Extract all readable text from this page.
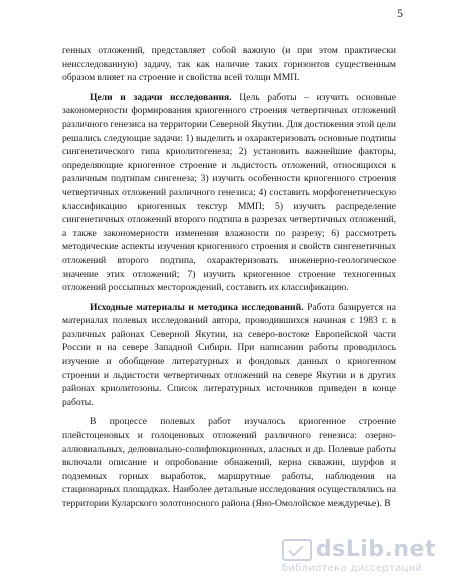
5

генных отложений, представляет собой важную (и при этом практически неисследованную) задачу, так как наличие таких горизонтов существенным образом влияет на строение и свойства всей толщи ММП.

Цели и задачи исследования. Цель работы – изучить основные закономерности формирования криогенного строения четвертичных отложений различного генезиса на территории Северной Якутии. Для достижения этой цели решались следующие задачи: 1) выделить и охарактеризовать основные подтипы сингенетического типа криолитогенеза; 2) установить важнейшие факторы, определяющие криогенное строение и льдистость отложений, относящихся к различным подтипам сингенеза; 3) изучить особенности криогенного строения четвертичных отложений различного генезиса; 4) составить морфогенетическую классификацию криогенных текстур ММП; 5) изучить распределение сингенетичных отложений второго подтипа в разрезах четвертичных отложений, а также закономерности изменения влажности по разрезу; 6) рассмотреть методические аспекты изучения криогенного строения и свойств сингенетичных отложений второго подтипа, охарактеризовать инженерно-геологическое значение этих отложений; 7) изучить криогенное строение техногенных отложений россыпных месторождений, составить их классификацию.

Исходные материалы и методика исследований. Работа базируется на материалах полевых исследований автора, проводившихся начиная с 1983 г. в различных районах Северной Якутии, на северо-востоке Европейской части России и на севере Западной Сибири. При написании работы проводилось изучение и обобщение литературных и фондовых данных о криогенном строении и льдистости четвертичных отложений на севере Якутии и в других районах криолитозоны. Список литературных источников приведен в конце работы.

В процессе полевых работ изучалось криогенное строение плейстоценовых и голоценовых отложений различного генезиса: озерно-аллювиальных, делювиально-солифлюкционных, аласных и др. Полевые работы включали описание и опробование обнажений, керна скважин, шурфов и подземных горных выработок, маршрутные работы, наблюдения на стационарных площадках. Наиболее детальные исследования осуществлялись на территории Куларского золотоносного района (Яно-Омолойское междуречье). В

dsLib.net
библиотека диссертаций
